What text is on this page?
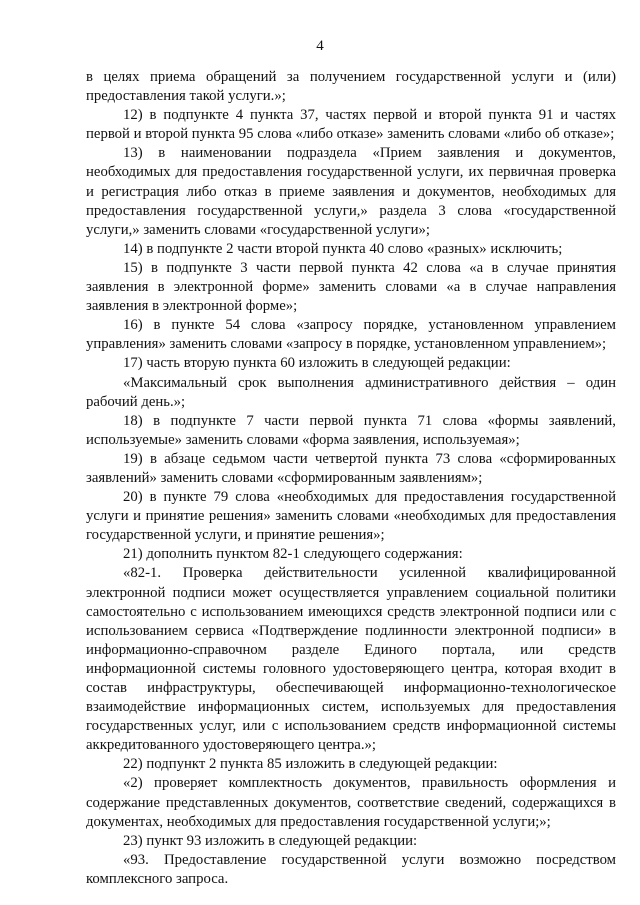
4

в целях приема обращений за получением государственной услуги и (или) предоставления такой услуги.»;

12) в подпункте 4 пункта 37, частях первой и второй пункта 91 и частях первой и второй пункта 95 слова «либо отказе» заменить словами «либо об отказе»;

13) в наименовании подраздела «Прием заявления и документов, необходимых для предоставления государственной услуги, их первичная проверка и регистрация либо отказ в приеме заявления и документов, необходимых для предоставления государственной услуги,» раздела 3 слова «государственной услуги,» заменить словами «государственной услуги»;

14) в подпункте 2 части второй пункта 40 слово «разных» исключить;

15) в подпункте 3 части первой пункта 42 слова «а в случае принятия заявления в электронной форме» заменить словами «а в случае направления заявления в электронной форме»;

16) в пункте 54 слова «запросу порядке, установленном управлением управления» заменить словами «запросу в порядке, установленном управлением»;

17) часть вторую пункта 60 изложить в следующей редакции:

«Максимальный срок выполнения административного действия – один рабочий день.»;

18) в подпункте 7 части первой пункта 71 слова «формы заявлений, используемые» заменить словами «форма заявления, используемая»;

19) в абзаце седьмом части четвертой пункта 73 слова «сформированных заявлений» заменить словами «сформированным заявлениям»;

20) в пункте 79 слова «необходимых для предоставления государственной услуги и принятие решения» заменить словами «необходимых для предоставления государственной услуги, и принятие решения»;

21) дополнить пунктом 82-1 следующего содержания:

«82-1. Проверка действительности усиленной квалифицированной электронной подписи может осуществляется управлением социальной политики самостоятельно с использованием имеющихся средств электронной подписи или с использованием сервиса «Подтверждение подлинности электронной подписи» в информационно-справочном разделе Единого портала, или средств информационной системы головного удостоверяющего центра, которая входит в состав инфраструктуры, обеспечивающей информационно-технологическое взаимодействие информационных систем, используемых для предоставления государственных услуг, или с использованием средств информационной системы аккредитованного удостоверяющего центра.»;

22) подпункт 2 пункта 85 изложить в следующей редакции:

«2) проверяет комплектность документов, правильность оформления и содержание представленных документов, соответствие сведений, содержащихся в документах, необходимых для предоставления государственной услуги;»;

23) пункт 93 изложить в следующей редакции:

«93. Предоставление государственной услуги возможно посредством комплексного запроса.
